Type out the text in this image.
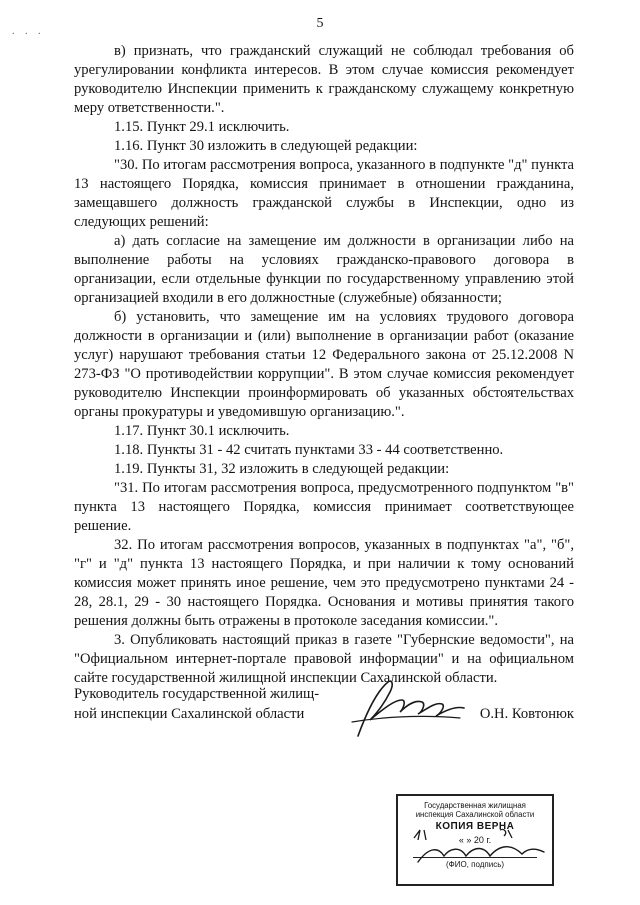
5
. . .

в) признать, что гражданский служащий не соблюдал требования об урегулировании конфликта интересов. В этом случае комиссия рекомендует руководителю Инспекции применить к гражданскому служащему конкретную меру ответственности.".

1.15. Пункт 29.1 исключить.

1.16. Пункт 30 изложить в следующей редакции:

"30. По итогам рассмотрения вопроса, указанного в подпункте "д" пункта 13 настоящего Порядка, комиссия принимает в отношении гражданина, замещавшего должность гражданской службы в Инспекции, одно из следующих решений:

а) дать согласие на замещение им должности в организации либо на выполнение работы на условиях гражданско-правового договора в организации, если отдельные функции по государственному управлению этой организацией входили в его должностные (служебные) обязанности;

б) установить, что замещение им на условиях трудового договора должности в организации и (или) выполнение в организации работ (оказание услуг) нарушают требования статьи 12 Федерального закона от 25.12.2008 N 273-ФЗ "О противодействии коррупции". В этом случае комиссия рекомендует руководителю Инспекции проинформировать об указанных обстоятельствах органы прокуратуры и уведомившую организацию.".

1.17. Пункт 30.1 исключить.

1.18. Пункты 31 - 42 считать пунктами 33 - 44 соответственно.

1.19. Пункты 31, 32 изложить в следующей редакции:

"31. По итогам рассмотрения вопроса, предусмотренного подпунктом "в" пункта 13 настоящего Порядка, комиссия принимает соответствующее решение.

32. По итогам рассмотрения вопросов, указанных в подпунктах "а", "б", "г" и "д" пункта 13 настоящего Порядка, и при наличии к тому оснований комиссия может принять иное решение, чем это предусмотрено пунктами 24 - 28, 28.1, 29 - 30 настоящего Порядка. Основания и мотивы принятия такого решения должны быть отражены в протоколе заседания комиссии.".

3. Опубликовать настоящий приказ в газете "Губернские ведомости", на "Официальном интернет-портале правовой информации" и на официальном сайте государственной жилищной инспекции Сахалинской области.

Руководитель государственной жилищ-
ной инспекции Сахалинской области	О.Н. Ковтонюк
Государственная жилищная
инспекция Сахалинской области
КОПИЯ ВЕРНА
« » 20 г.
(ФИО, подпись)
